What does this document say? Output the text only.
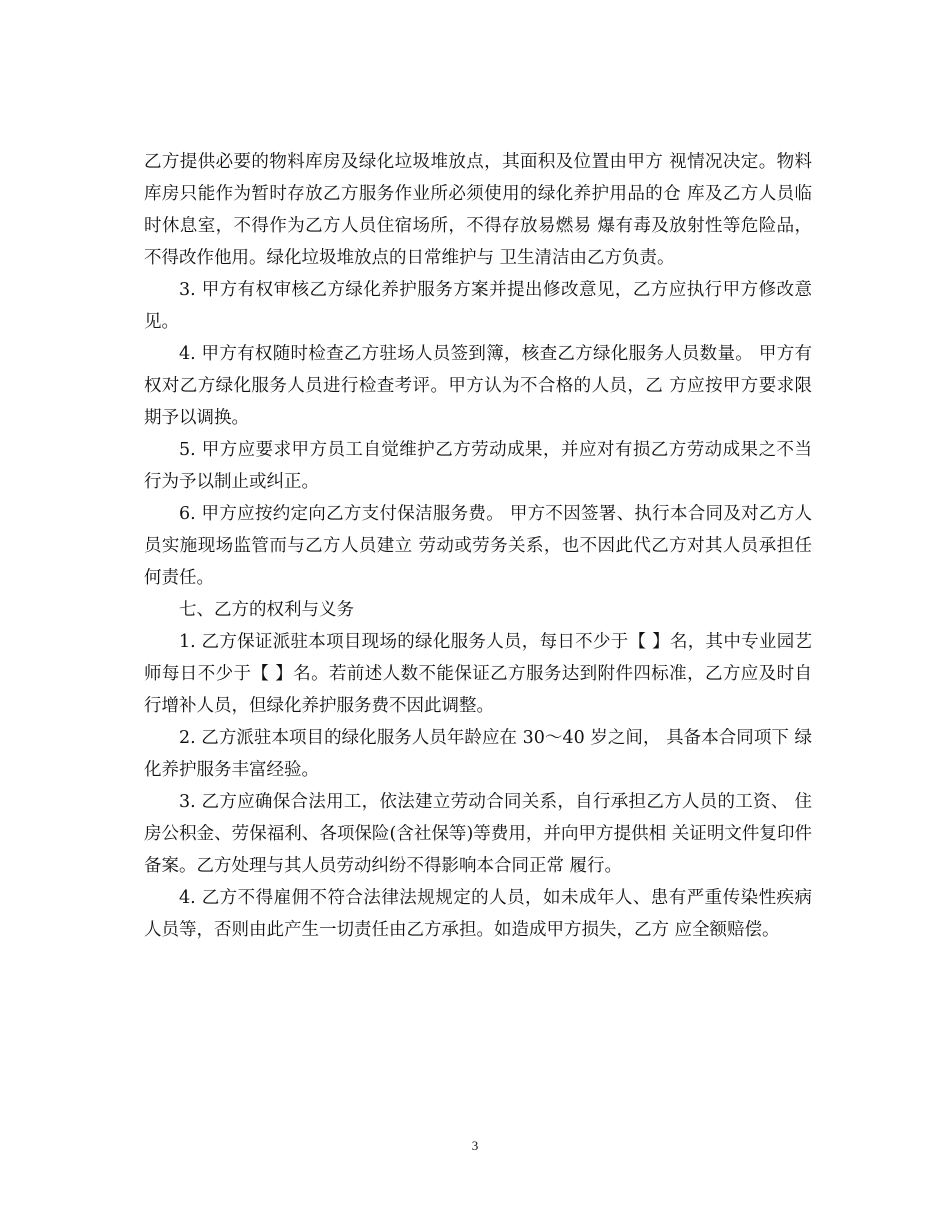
乙方提供必要的物料库房及绿化垃圾堆放点，其面积及位置由甲方 视情况决定。物料库房只能作为暂时存放乙方服务作业所必须使用的绿化养护用品的仓 库及乙方人员临时休息室，不得作为乙方人员住宿场所，不得存放易燃易 爆有毒及放射性等危险品，不得改作他用。绿化垃圾堆放点的日常维护与 卫生清洁由乙方负责。

3. 甲方有权审核乙方绿化养护服务方案并提出修改意见，乙方应执行甲方修改意见。

4. 甲方有权随时检查乙方驻场人员签到簿，核查乙方绿化服务人员数量。 甲方有权对乙方绿化服务人员进行检查考评。甲方认为不合格的人员，乙 方应按甲方要求限期予以调换。

5. 甲方应要求甲方员工自觉维护乙方劳动成果，并应对有损乙方劳动成果之不当行为予以制止或纠正。

6. 甲方应按约定向乙方支付保洁服务费。 甲方不因签署、执行本合同及对乙方人员实施现场监管而与乙方人员建立 劳动或劳务关系，也不因此代乙方对其人员承担任何责任。

七、乙方的权利与义务

1. 乙方保证派驻本项目现场的绿化服务人员，每日不少于【 】名，其中专业园艺师每日不少于【 】名。若前述人数不能保证乙方服务达到附件四标准，乙方应及时自行增补人员，但绿化养护服务费不因此调整。

2. 乙方派驻本项目的绿化服务人员年龄应在 30～40 岁之间， 具备本合同项下 绿化养护服务丰富经验。

3. 乙方应确保合法用工，依法建立劳动合同关系，自行承担乙方人员的工资、 住房公积金、劳保福利、各项保险(含社保等)等费用，并向甲方提供相 关证明文件复印件备案。乙方处理与其人员劳动纠纷不得影响本合同正常 履行。

4. 乙方不得雇佣不符合法律法规规定的人员，如未成年人、患有严重传染性疾病人员等，否则由此产生一切责任由乙方承担。如造成甲方损失，乙方 应全额赔偿。

3
